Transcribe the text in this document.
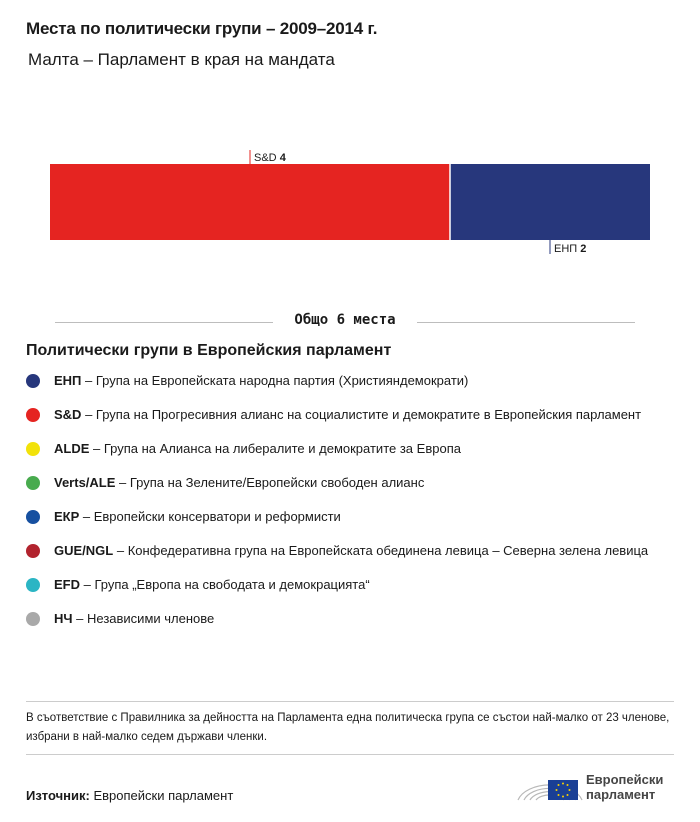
Места по политически групи – 2009–2014 г.
Малта – Парламент в края на мандата
S&D 4
ЕНП 2
Общо 6 места
Политически групи в Европейския парламент
ЕНП – Група на Европейската народна партия (Християндемократи)
S&D – Група на Прогресивния алианс на социалистите и демократите в Европейския парламент
ALDE – Група на Алианса на либералите и демократите за Европа
Verts/ALE – Група на Зелените/Европейски свободен алианс
ЕКР – Европейски консерватори и реформисти
GUE/NGL – Конфедеративна група на Европейската обединена левица – Северна зелена левица
EFD – Група „Европа на свободата и демокрацията“
НЧ – Независими членове
В съответствие с Правилника за дейността на Парламента една политическа група се състои най-малко от 23 членове, избрани в най-малко седем държави членки.
Източник: Европейски парламент
Европейски
парламент
